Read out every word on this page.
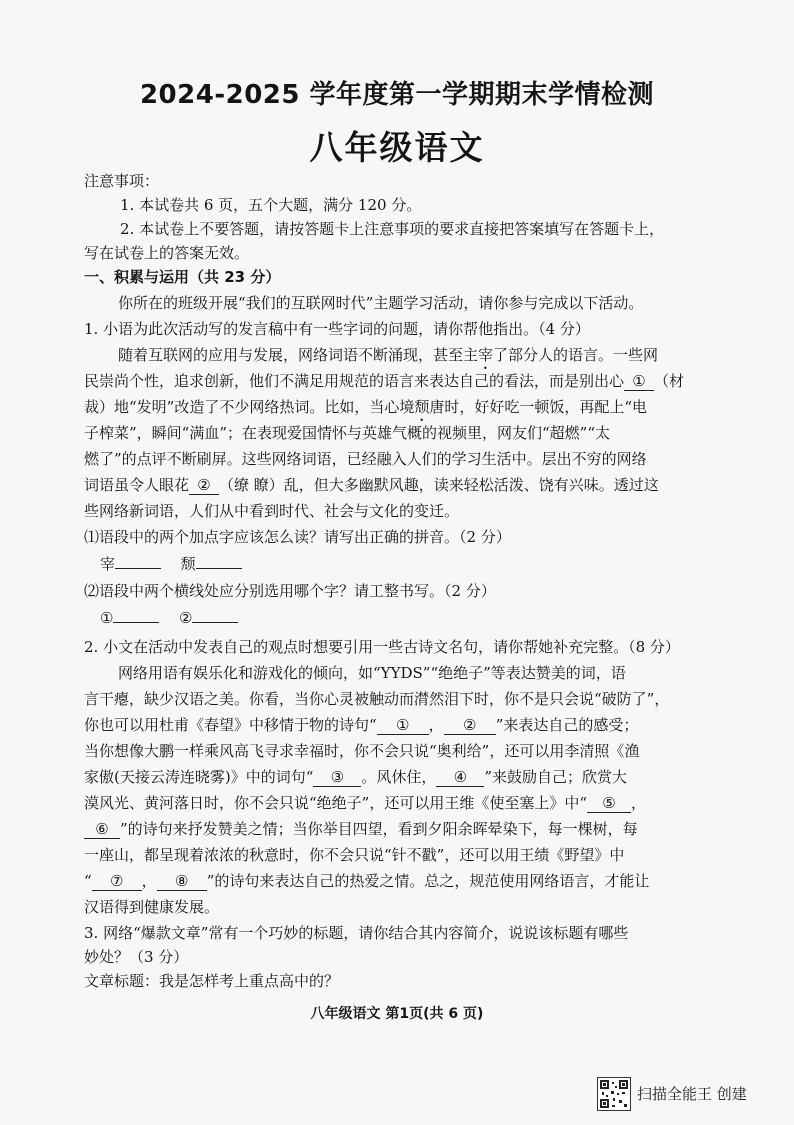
2024-2025 学年度第一学期期末学情检测
八年级语文
注意事项：
1. 本试卷共 6 页，五个大题，满分 120 分。
2. 本试卷上不要答题，请按答题卡上注意事项的要求直接把答案填写在答题卡上，
写在试卷上的答案无效。
一、积累与运用（共 23 分）
你所在的班级开展“我们的互联网时代”主题学习活动，请你参与完成以下活动。
1. 小语为此次活动写的发言稿中有一些字词的问题，请你帮他指出。（4 分）
随着互联网的应用与发展，网络词语不断涌现，甚至主宰了部分人的语言。一些网
民崇尚个性，追求创新，他们不满足用规范的语言来表达自己的看法，而是别出心 ① （材
裁）地“发明”改造了不少网络热词。比如，当心境颓唐时，好好吃一顿饭，再配上“电
子榨菜”，瞬间“满血”；在表现爱国情怀与英雄气概的视频里，网友们“超燃”“太
燃了”的点评不断刷屏。这些网络词语，已经融入人们的学习生活中。层出不穷的网络
词语虽令人眼花 ② （缭 瞭）乱，但大多幽默风趣，读来轻松活泼、饶有兴味。透过这
些网络新词语，人们从中看到时代、社会与文化的变迁。
⑴语段中的两个加点字应该怎么读？请写出正确的拼音。（2 分）
宰	颓
⑵语段中两个横线处应分别选用哪个字？请工整书写。（2 分）
①	②
2. 小文在活动中发表自己的观点时想要引用一些古诗文名句，请你帮她补充完整。（8 分）
网络用语有娱乐化和游戏化的倾向，如“YYDS”“绝绝子”等表达赞美的词，语
言干瘪，缺少汉语之美。你看，当你心灵被触动而潸然泪下时，你不是只会说“破防了”，
你也可以用杜甫《春望》中移情于物的诗句“ ① ， ② ”来表达自己的感受；
当你想像大鹏一样乘风高飞寻求幸福时，你不会只说“奥利给”，还可以用李清照《渔
家傲(天接云涛连晓雾)》中的词句“ ③ 。风休住， ④ ”来鼓励自己；欣赏大
漠风光、黄河落日时，你不会只说“绝绝子”，还可以用王维《使至塞上》中“ ⑤ ，
⑥ ”的诗句来抒发赞美之情；当你举目四望，看到夕阳余晖晕染下，每一棵树，每
一座山，都呈现着浓浓的秋意时，你不会只说“针不戳”，还可以用王绩《野望》中
“ ⑦ ， ⑧ ”的诗句来表达自己的热爱之情。总之，规范使用网络语言，才能让
汉语得到健康发展。
3. 网络“爆款文章”常有一个巧妙的标题，请你结合其内容简介，说说该标题有哪些
妙处？（3 分）
文章标题：我是怎样考上重点高中的？
八年级语文 第1页(共 6 页)
扫描全能王 创建
